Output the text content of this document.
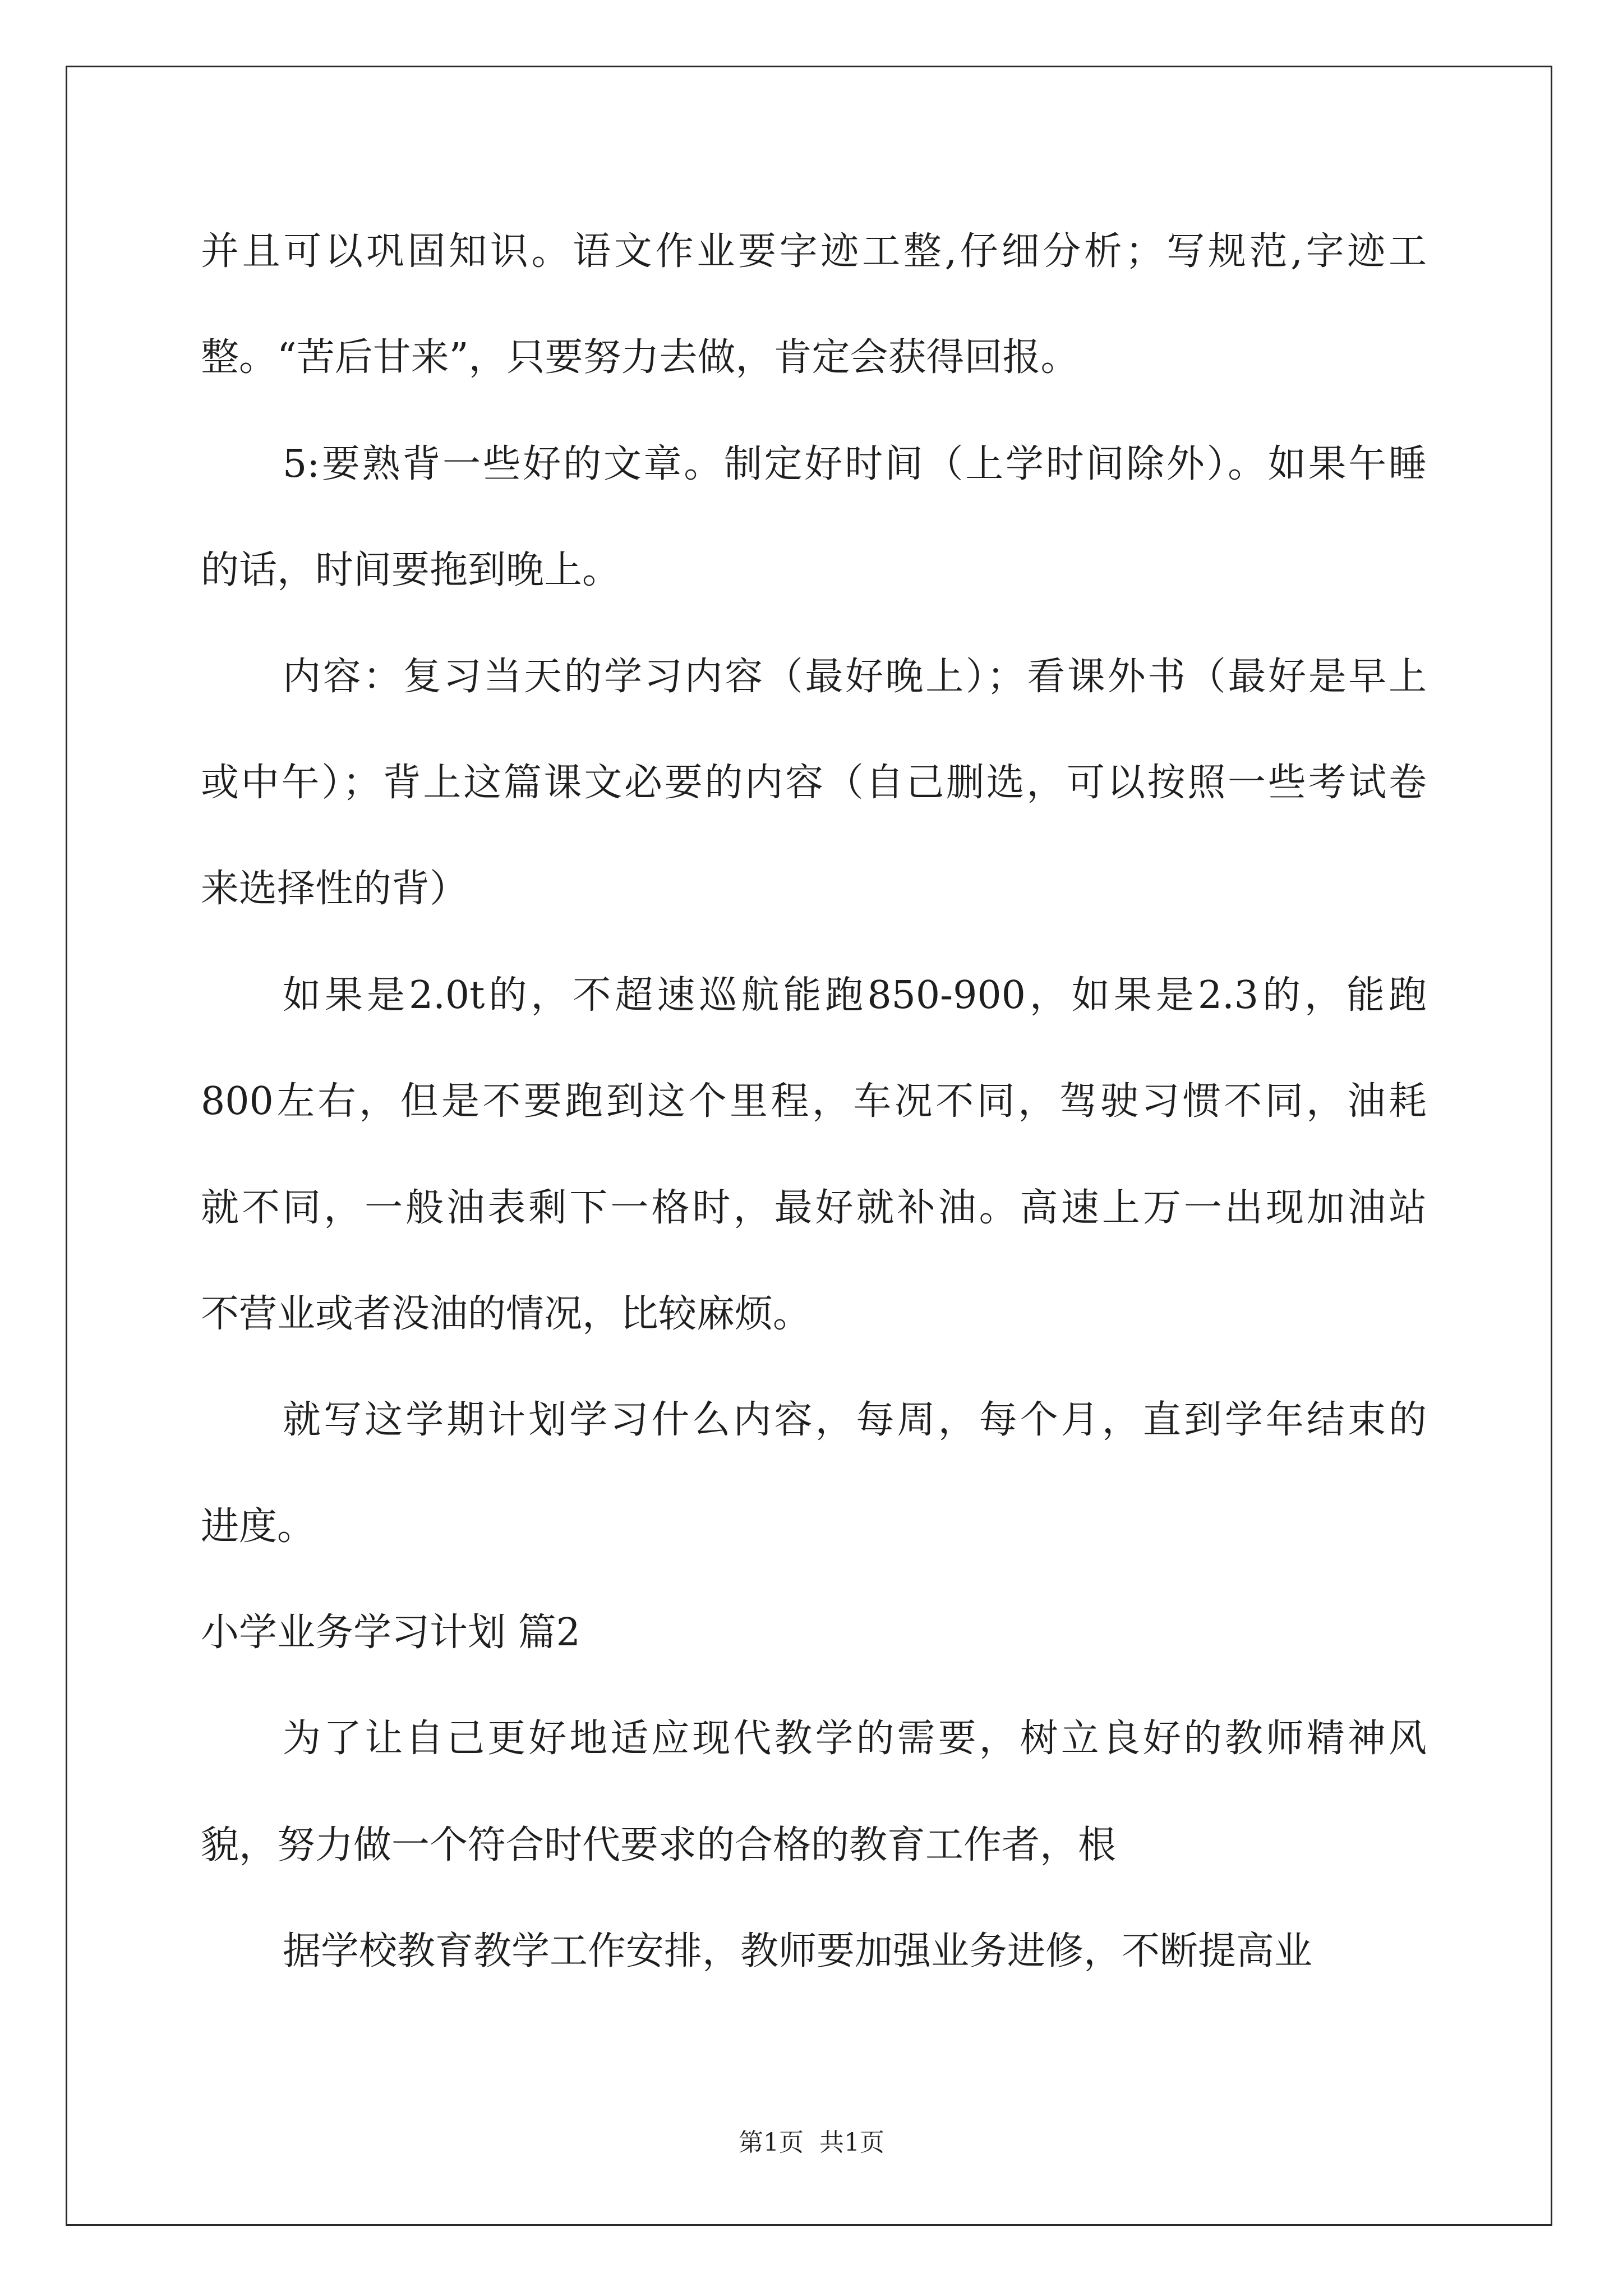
并且可以巩固知识。语文作业要字迹工整,仔细分析；写规范,字迹工
整。“苦后甘来”，只要努力去做，肯定会获得回报。
5:要熟背一些好的文章。制定好时间（上学时间除外）。如果午睡
的话，时间要拖到晚上。
内容：复习当天的学习内容（最好晚上）；看课外书（最好是早上
或中午）；背上这篇课文必要的内容（自己删选，可以按照一些考试卷
来选择性的背）
如果是2.0t的，不超速巡航能跑850-900，如果是2.3的，能跑
800左右，但是不要跑到这个里程，车况不同，驾驶习惯不同，油耗
就不同，一般油表剩下一格时，最好就补油。高速上万一出现加油站
不营业或者没油的情况，比较麻烦。
就写这学期计划学习什么内容，每周，每个月，直到学年结束的
进度。
小学业务学习计划 篇2
为了让自己更好地适应现代教学的需要，树立良好的教师精神风
貌，努力做一个符合时代要求的合格的教育工作者，根
据学校教育教学工作安排，教师要加强业务进修，不断提高业
第1页  共1页
